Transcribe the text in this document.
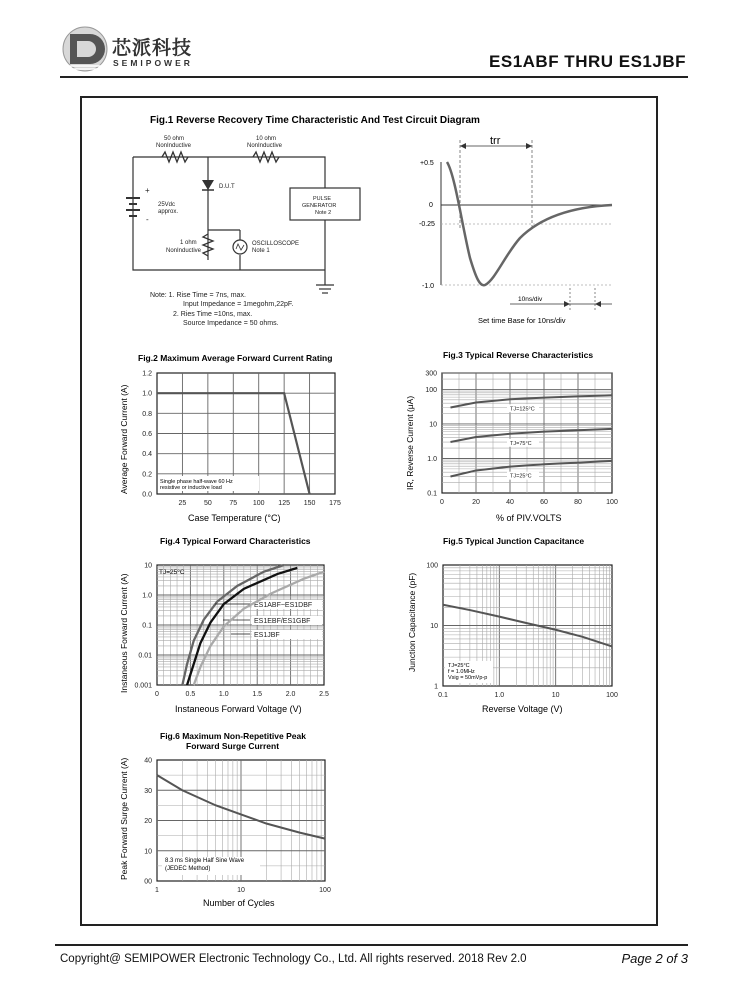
芯派科技
SEMIPOWER	ES1ABF THRU ES1JBF
Fig.1 Reverse Recovery Time Characteristic And Test Circuit Diagram
50 ohm
NonInductive
10 ohm
NonInductive
D.U.T
+
-
25Vdc
approx.
1 ohm
NonInductive
PULSE
GENERATOR
Note 2
OSCILLOSCOPE
Note 1
Note: 1. Rise Time = 7ns, max.
Input Impedance = 1megohm,22pF.
2. Ries Time =10ns, max.
Source Impedance = 50 ohms.
trr
+0.5
0
-0.25
-1.0
10ns/div
Set time Base for 10ns/div
Fig.2 Maximum Average Forward Current Rating
25	50	75 100 125 150 175
0.0
0.2
0.4
0.6
0.8
1.0
1.2
Average Forward Current (A)
Case Temperature (°C)
Single phase half-wave 60 Hz
resistive or inductive load
Fig.3 Typical Reverse Characteristics
0	20	40	60	80	100
300
100
10
1.0
0.1
TJ=125°C
TJ=75°C
TJ=25°C
IR, Reverse Current (μA)
% of PIV.VOLTS
Fig.4 Typical Forward Characteristics
0	0.5	1.0	1.5	2.0	2.5
10
1.0
0.1
0.01
0.001
ES1ABF~ES1DBF
ES1EBF/ES1GBF
ES1JBF
Instaneous Forward Current (A)
Instaneous Forward Voltage (V)
TJ=25°C
Fig.5 Typical Junction Capacitance
0.1	1.0	10	100
100
10
1
Junction Capacitance (pF)
Reverse Voltage (V)
TJ=25°C
f = 1.0MHz
Vsig = 50mVp-p
Fig.6 Maximum Non-Repetitive Peak
Forward Surge Current
1	10	100
40
30
20
10
00
Peak Forward Surge Current (A)
Number of Cycles
8.3 ms Single Half Sine Wave
(JEDEC Method)
Copyright@ SEMIPOWER Electronic Technology Co., Ltd. All rights reserved. 2018 Rev 2.0	Page 2 of 3
